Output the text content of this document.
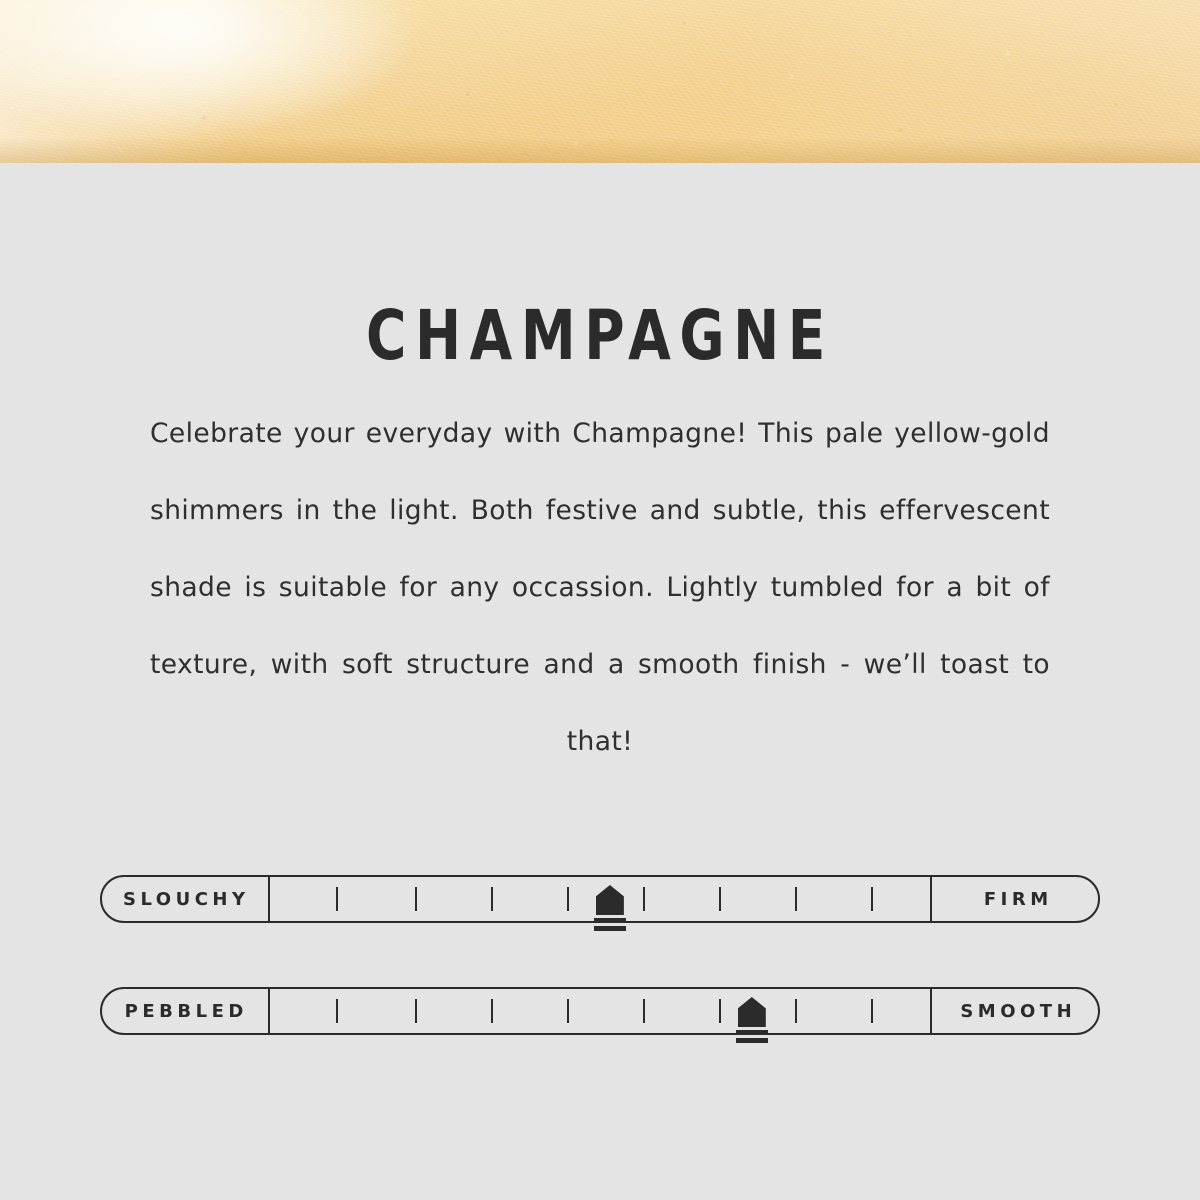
CHAMPAGNE

Celebrate your everyday with Champagne! This pale yellow-gold shimmers in the light. Both festive and subtle, this effervescent shade is suitable for any occassion. Lightly tumbled for a bit of texture, with soft structure and a smooth finish - we’ll toast to that!

SLOUCHY	FIRM
PEBBLED	SMOOTH
